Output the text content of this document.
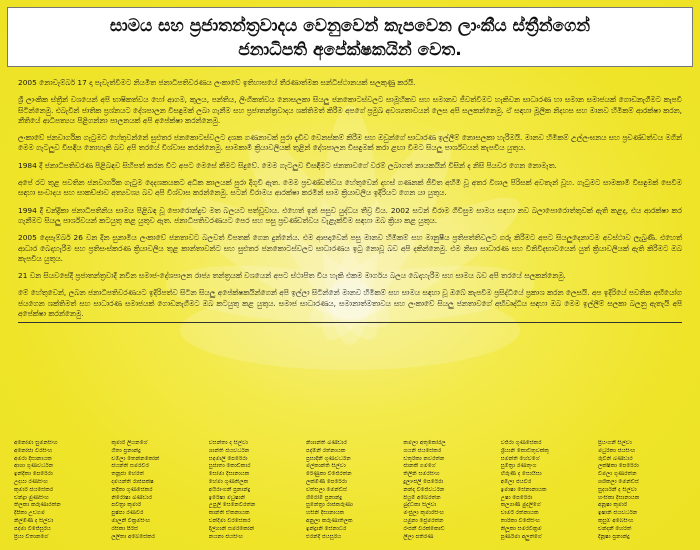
සාමය සහ ප්‍රජාතන්ත්‍රවාදය වෙනුවෙන් කැපවෙන ලාංකීය ස්ත්‍රීන්ගෙන්
ජනාධිපති අපේක්ෂකයින් වෙත.

2005 නොවැම්බර් 17 දා පැවැත්වීමට නියමිත ජනාධිපතිවරණය ලංකාවේ ඉතිහාසයේ තීරණාත්මක සන්ධිස්ථානයක් සලකුණු කරයි.

ශ්‍රී ලාංකික ස්ත්‍රීන් වශයෙන් අපි භාෂිකත්වය හෝ ආගම, කුලය, පන්තිය, ලිංගිකත්වය නොසලකා සියලු ජනකොටස්වලට සාමූහිකව සහ සමානව ජීවත්වීමට හැකිවන සාධාරණ හා සමාන සමාජයක් ගොඩනැගීමට කැපවී සිටින්නෙමු. එබැවින් ජාතික ප්‍රශ්නයට දේශපාලන විසඳුමක් ලබා ගැනීම සහ ප්‍රජාතන්ත්‍රවාදය ශක්තිමත් කිරීම අපගේ ප්‍රමුඛ අවශ්‍යතාවයන් ලෙස අපි සලකන්නෙමු. ඒ සඳහා මූලික නිදහස සහ මානව හිමිකම් ආරක්ෂා කරන, නීතියේ ආධිපත්‍යය පිළිගන්නා පාලනයක් අපි අපේක්ෂා කරන්නෙමු.

ලංකාවේ ජනවාර්ගික ගැටුමට හේතුවන්නේ සුළුතර ජනකොටස්වලට දශක ගණනාවක් පුරා දැඩිව වෙනස්කම් කිරීම සහ ඔවුන්ගේ සාධාරණ ඉල්ලීම් නොසලකා හැරීමයි. මානව හිමිකම් උල්ලංඝනය සහ ප්‍රචණ්ඩත්වය මගින් මෙම ගැටලුව විසඳිය නොහැකි බව අපි තරයේ විශ්වාස කරන්නෙමු. සාමකාමී ක්‍රියාවලියක් තුළින් දේශපාලන විසඳුමක් කරා ළඟා වීමට සියලු පාර්ශ්වයන් කැපවිය යුතුය.

1984 දී ජනාධිපතිවරණ පිළිබඳව සිහිපත් කරන විට අපට මෙසේ කීමට සිදුවේ. මෙම ගැටලුව විසඳීමට ජනතාවගේ වරම් ලබාගත් නායකයින් විසින් ද නිසි පියවර ගෙන නොමැත.

අපේ රට තුළ පවතින ජනවාර්ගික ගැටුම දෙදශකයකට අධික කාලයක් පුරා දිගුවී ඇත. මෙම ප්‍රචණ්ඩත්වය හේතුවෙන් දහස් ගණනක් ජීවිත අහිමි වූ අතර විශාල පිරිසක් අවතැන් වූහ. ගැටුමට සාමකාමී විසඳුමක් සෙවීම සඳහා සංවාදය සහ සාකච්ඡාව අත්‍යවශ්‍ය බව අපි විශ්වාස කරන්නෙමු. සටන් විරාමය ආරක්ෂා කරමින් සාම ක්‍රියාවලිය ඉදිරියට ගෙන යා යුතුය.

1994 දී චන්ද්‍රිකා ජනාධිපතිනිය සාමය පිළිබඳ වූ පොරොන්දුව මත බලයට පත්වූවාය. එහෙත් ඉන් පසුව යුද්ධය තීව්‍ර විය. 2002 සටන් විරාම ගිවිසුම සාමය සඳහා නව බලාපොරොත්තුවක් ඇති කළද, එය ආරක්ෂා කර ගැනීමට සියලු පාර්ශ්වයන් කටයුතු කළ යුතුව ඇත. ජනාධිපතිවරණයට පෙර සහ පසු ප්‍රචණ්ඩත්වය වැළැක්වීම සඳහා ඔබ ක්‍රියා කළ යුතුය.

2005 දෙසැම්බර් 26 වන දින සුනාමිය ලංකාවේ ජනතාවට බලවත් විපතක් ගෙන දුන්නේය. එම ආපදාවෙන් පසු මානව හිමිකම් සහ මානුෂීය ප්‍රතිපත්තිවලට ගරු කිරීමට අපට සියලුදෙනාටම අවස්ථාව ලැබුණි. එහෙත් ආධාර බෙදාහැරීම සහ ප්‍රතිසංස්කරණ ක්‍රියාවලිය තුළ කාන්තාවන්ට සහ සුළුතර ජනකොටස්වලට සාධාරණය ඉටු නොවූ බව අපි දකින්නෙමු. එම නිසා සාධාරණ සහ විනිවිදභාවයෙන් යුත් ක්‍රියාවලියක් ඇති කිරීමට ඔබ කැපවිය යුතුය.

21 වන සියවසේදී ප්‍රජාතන්ත්‍රවාදී නවීන සමාජ-දේශපාලන රාජ්‍ය තන්ත්‍රයක් වශයෙන් අපට ස්ථාපිත විය හැකි එකම මාර්ගය බලය බෙදාහැරීම සහ සාමය බව අපි තරයේ සලකන්නෙමු.

මේ හේතුවෙන්, ලබන ජනාධිපතිවරණයට ඉදිරිපත්ව සිටින සියලු අපේක්ෂකයින්ගෙන් අපි ඉල්ලා සිටින්නේ මානව හිමිකම් සහ සාමය සඳහා වූ ඔබේ කැපවීම ප්‍රසිද්ධියේ ප්‍රකාශ කරන ලෙසයි. අප ඉදිරියේ පවතින අභියෝග ජයගෙන ශක්තිමත් සහ සාධාරණ සමාජයක් ගොඩනැගීමට ඔබ කටයුතු කළ යුතුය. සමාජ සාධාරණය, සමානාත්මතාවය සහ ලංකාවේ සියලු ජනතාවගේ අභිවෘද්ධිය සඳහා ඔබ මෙම ඉල්ලීම් සලකා බලනු ඇතැයි අපි අපේක්ෂා කරන්නෙමු.

අනෝමා සුමනසිංහ
අනෝජා වීරසිංහ
අමරා දිසානායක
ආශා ගුණවර්ධන
ඉන්දිකා පෙරේරා
උදයා රණසිංහ
කුමාරි ජයසේකර
චන්ද්‍රා මුණසිංහ
තිලකා කරුණාරත්න
දීපිකා උඩගම
නිල්මිණී ද සිල්වා
පද්මා විජේසූරිය
ප්‍රියා විතානගේ
කුමාරි ලියනගේ
ගීතා ප්‍රනාන්දු
චමිලා තෙන්නකෝන්
ජයන්ති සමරවීර
තනූජා හේරත්
දමයන්ති රාජපක්ෂ
නදීකා ගුණසේකර
නිරෝෂා බණ්ඩාර
පවිත්‍රා කුමාරි
පුෂ්පා රණවීර
මාලනී වික්‍රමසිංහ
රසිකා පීරිස්
ලලිතා අබේසේකර
වසන්තා ද සිල්වා
ශාන්ති ජයවර්ධන
සඳමාලි පෙරේරා
සුජාතා කොඩිකාර
සෝමා දිසානායක
හේමා ගුණතිලක
අයිරාංගනී ප්‍රනාන්දු
ඉරේෂා මධුෂානි
උපුලි සෙනෙවිරත්න
කාන්ති ඒකනායක
චන්දිමා වීරසේකර
දිල්හානි සමරකෝන්
නයනා ජයසිංහ
නිශාන්ති බණ්ඩාර
පද්මිනී රත්නායක
ප්‍රසාදිනී ගුණවර්ධන
මල්කාන්ති සිල්වා
රේණුකා විජේරත්න
ලක්මිණී පෙරේරා
වත්සලා මෙන්ඩිස්
ශිරෝමි ප්‍රනාන්දු
සුනේත්‍රා රාජකරුණා
හසිනි දිසානායක
අනුලා කරුණාතිලක
ඉන්ද්‍රානි සේනාධීර
එරන්දි ජයසූරිය
කමලා අතුකෝරල
ගයනි ජයසේකර
චතුරිකා නවරත්න
ජානකී ගමගේ
තිලිනි සමරසිංහ
දුලාංජලී පෙරේරා
නන්දා විජේවර්ධන
පියුමි අබේරත්න
බුද්ධිකා සිල්වා
මංජුලා කුමාරසිංහ
යමුනා ප්‍රේමරත්න
රංජනී වීරක්කොඩි
ලීලා පතිරණ
වජිරා ගුණසේකර
ශ්‍රියානි කොඩිතුවක්කු
සමන්ති හේවගේ
සුමිත්‍රා රණතුංග
හිරුණි ද සොයිසා
අමිලා ජයවීර
ඉමාෂා සේනානායක
උෂා පෙරේරා
කල්‍යාණි මුදලිගේ
චාමරී රත්නායක
තාරිකා විජේසිංහ
නිලූකා සමරවික්‍රම
පූර්ණිමා අලුත්ගේ
ප්‍රියංගනී සිල්වා
මධුරිකා ජයසිංහ
රුවිනි බණ්ඩාර
ලක්ෂිකා පෙරේරා
විමලා ගුණරත්න
ශශිකලා මෙන්ඩිස්
සුදර්ශනී ද සිල්වා
හංසිකා දිසානායක
අනූෂා කුමාරි
ඉෂානි ජයවර්ධන
කුසුම් අබේසිංහ
චන්දනී හේරත්
දිනූෂා ප්‍රනාන්දු
